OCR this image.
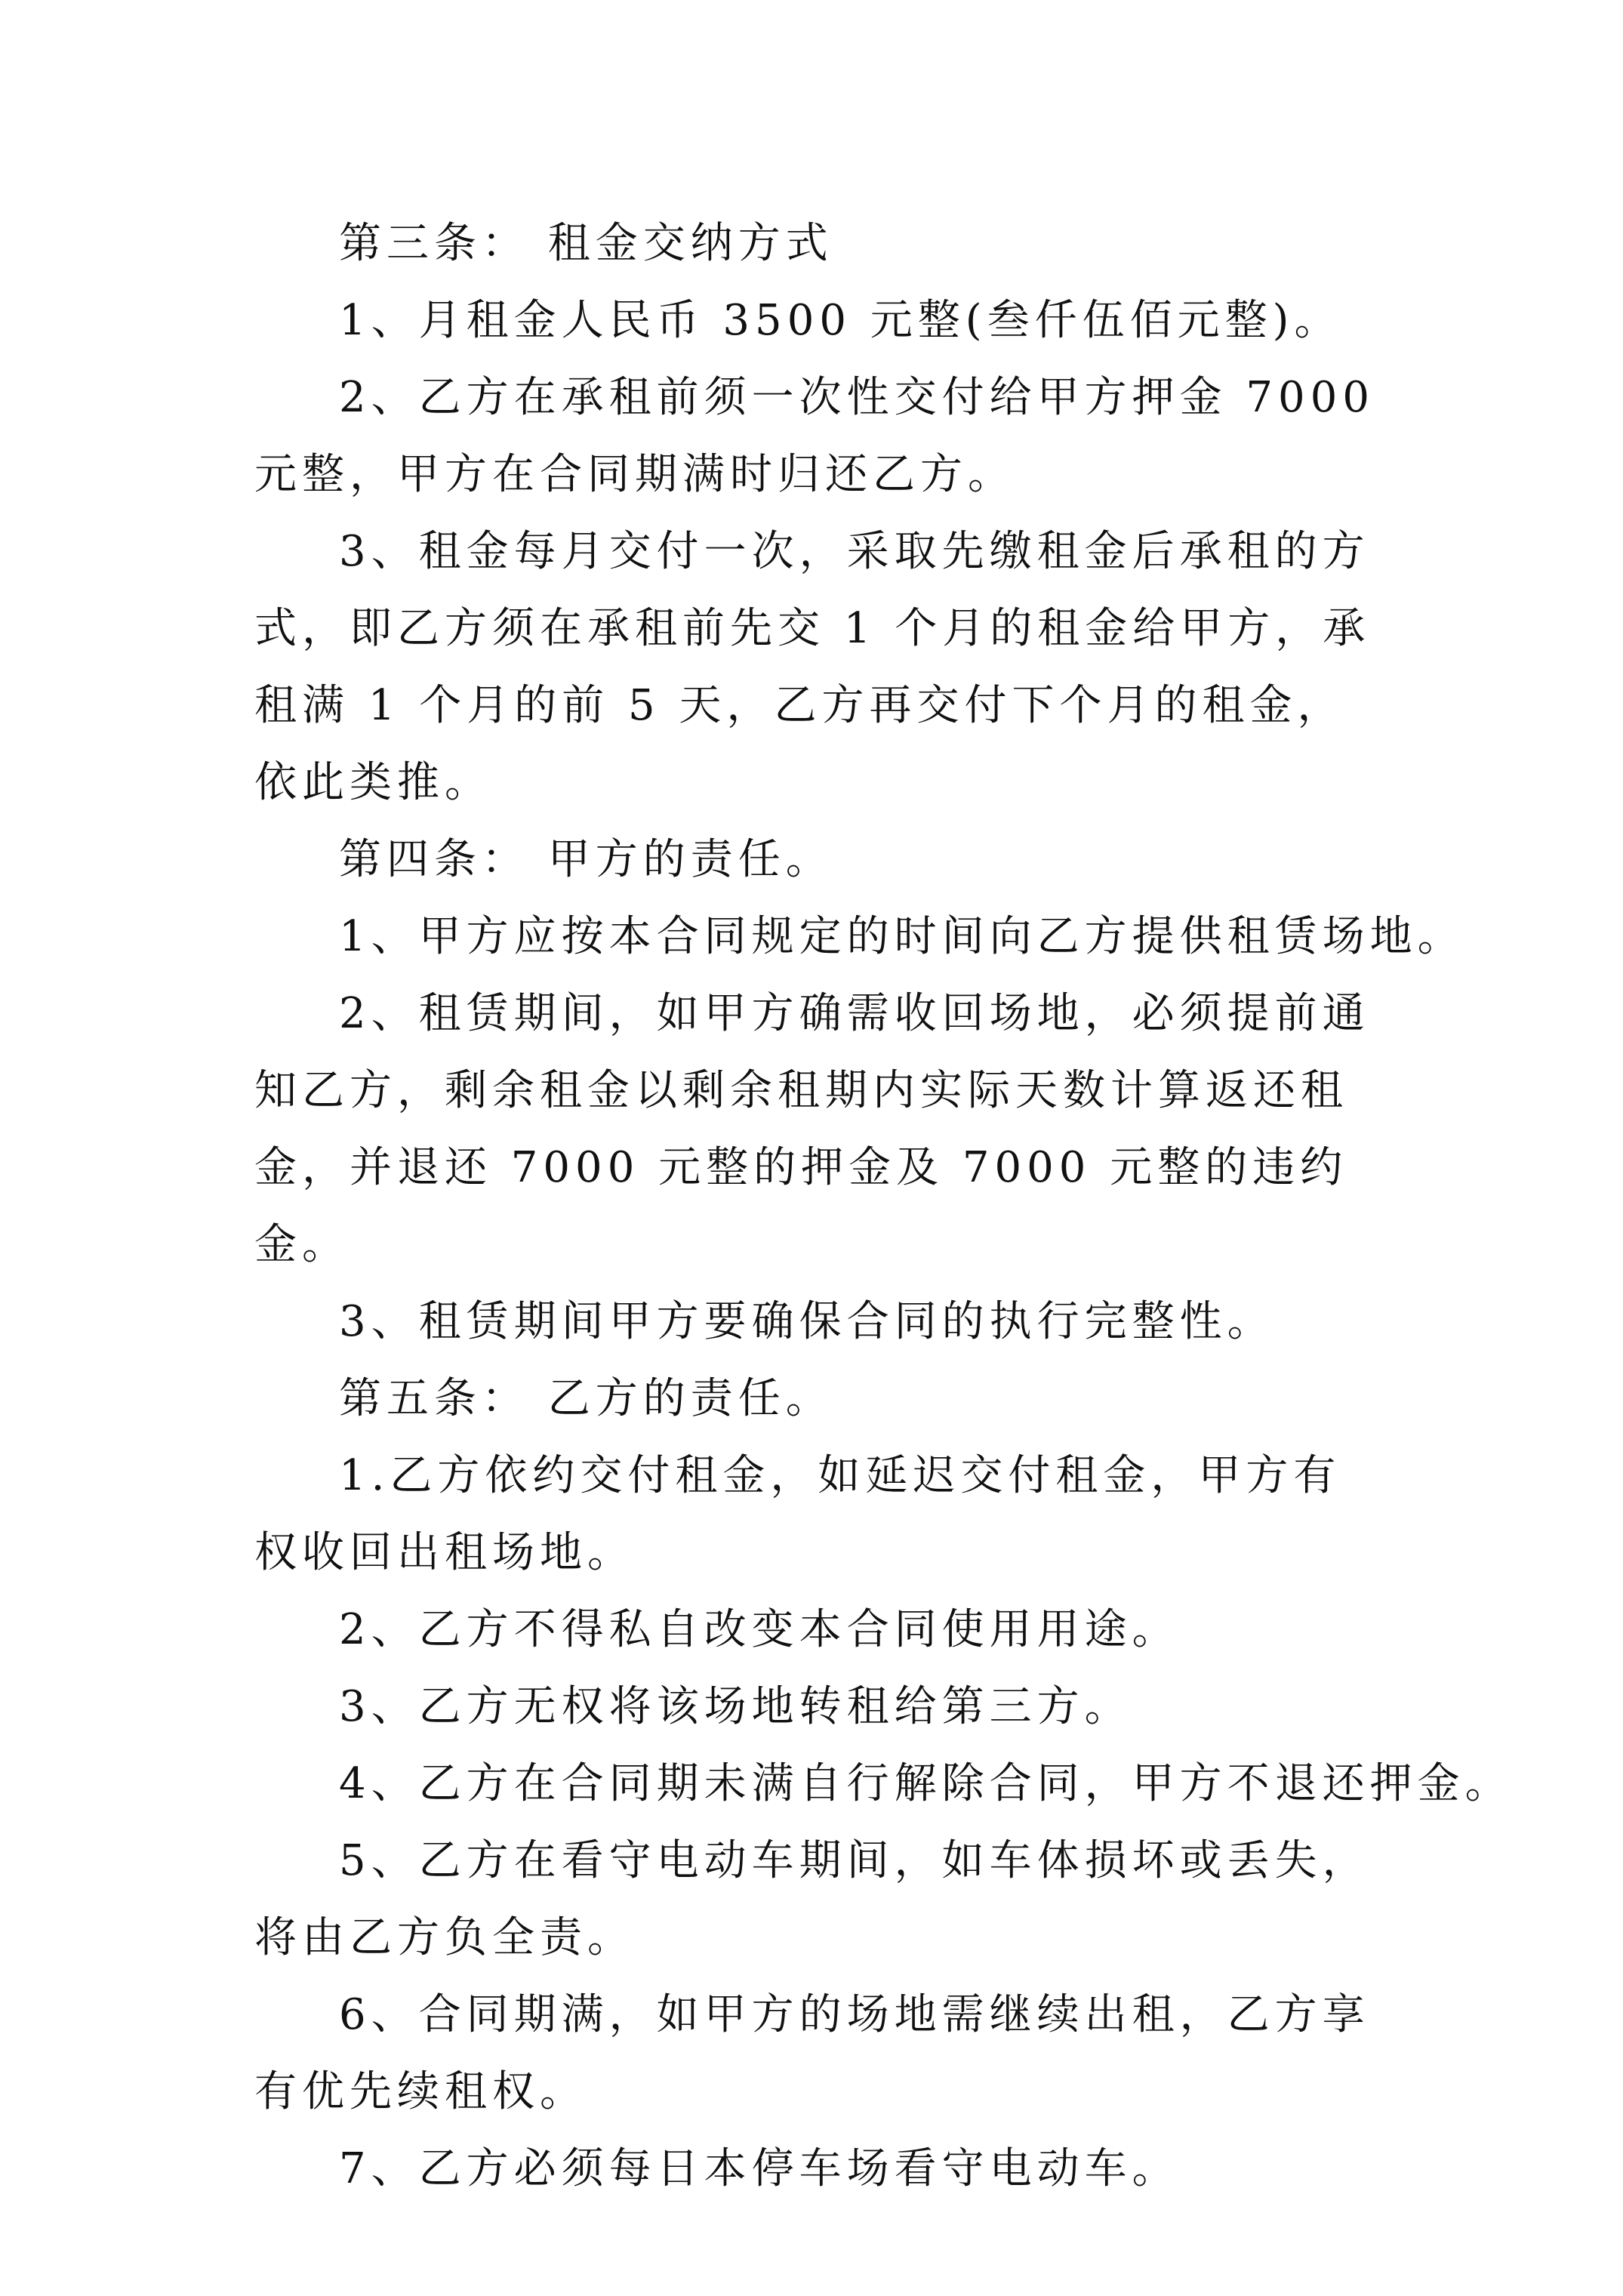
第三条： 租金交纳方式

1、月租金人民币 3500 元整(叁仟伍佰元整)。

2、乙方在承租前须一次性交付给甲方押金 7000 元整，甲方在合同期满时归还乙方。

3、租金每月交付一次，采取先缴租金后承租的方式，即乙方须在承租前先交 1 个月的租金给甲方，承租满 1 个月的前 5 天，乙方再交付下个月的租金，依此类推。

第四条： 甲方的责任。

1、甲方应按本合同规定的时间向乙方提供租赁场地。

2、租赁期间，如甲方确需收回场地，必须提前通知乙方，剩余租金以剩余租期内实际天数计算返还租金，并退还 7000 元整的押金及 7000 元整的违约金。

3、租赁期间甲方要确保合同的执行完整性。

第五条： 乙方的责任。

1.乙方依约交付租金，如延迟交付租金，甲方有权收回出租场地。

2、乙方不得私自改变本合同使用用途。

3、乙方无权将该场地转租给第三方。

4、乙方在合同期未满自行解除合同，甲方不退还押金。

5、乙方在看守电动车期间，如车体损坏或丢失，将由乙方负全责。

6、合同期满，如甲方的场地需继续出租，乙方享有优先续租权。

7、乙方必须每日本停车场看守电动车。
